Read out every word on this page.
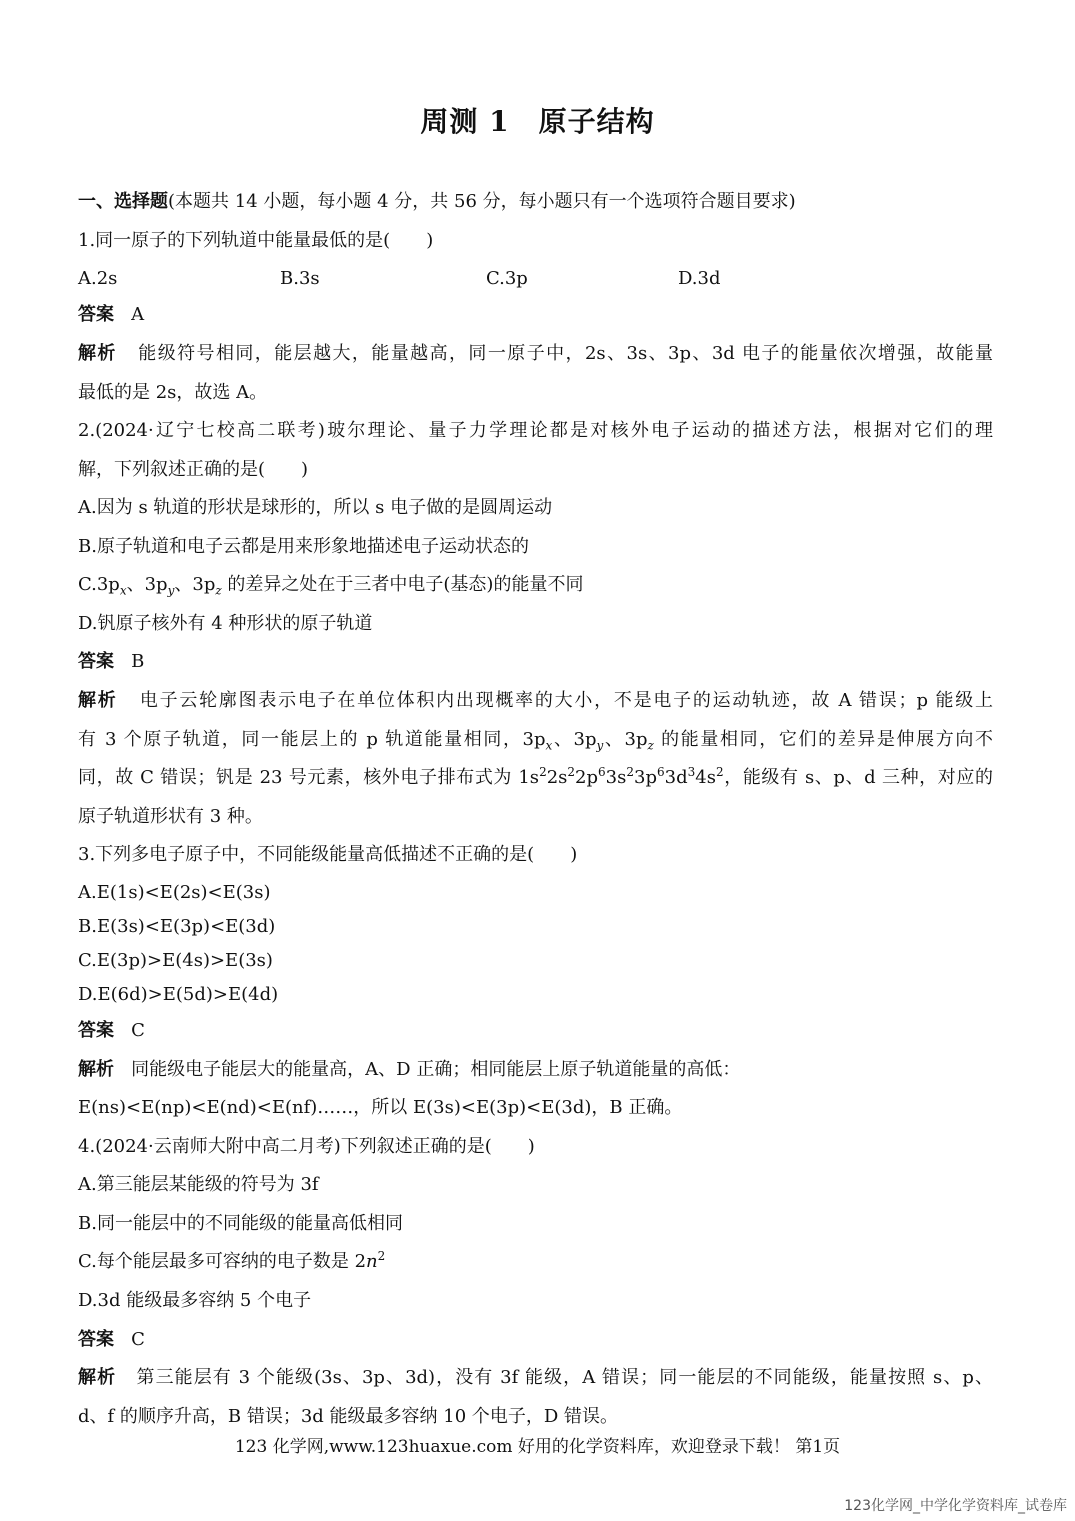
周测 1　原子结构
一、选择题(本题共 14 小题，每小题 4 分，共 56 分，每小题只有一个选项符合题目要求)
1.同一原子的下列轨道中能量最低的是(　　)
A.2s	B.3s	C.3p	D.3d
答案 A
解析 能级符号相同，能层越大，能量越高，同一原子中，2s、3s、3p、3d 电子的能量依次增强，故能量
最低的是 2s，故选 A。
2.(2024·辽宁七校高二联考)玻尔理论、量子力学理论都是对核外电子运动的描述方法，根据对它们的理
解，下列叙述正确的是(　　)
A.因为 s 轨道的形状是球形的，所以 s 电子做的是圆周运动
B.原子轨道和电子云都是用来形象地描述电子运动状态的
$C.3p_x$、$3p_y$、$3p_z$ 的差异之处在于三者中电子(基态)的能量不同
D.钒原子核外有 4 种形状的原子轨道
答案 B
解析 电子云轮廓图表示电子在单位体积内出现概率的大小，不是电子的运动轨迹，故 A 错误；p 能级上
有 3 个原子轨道，同一能层上的 p 轨道能量相同，$3p_x$、$3p_y$、$3p_z$ 的能量相同，它们的差异是伸展方向不
同，故 C 错误；钒是 23 号元素，核外电子排布式为 $1s^22s^22p^63s^23p^63d^34s^2$，能级有 s、p、d 三种，对应的
原子轨道形状有 3 种。
3.下列多电子原子中，不同能级能量高低描述不正确的是(　　)
A.E(1s)<E(2s)<E(3s)
B.E(3s)<E(3p)<E(3d)
C.E(3p)>E(4s)>E(3s)
D.E(6d)>E(5d)>E(4d)
答案 C
解析 同能级电子能层大的能量高，A、D 正确；相同能层上原子轨道能量的高低：
E(ns)<E(np)<E(nd)<E(nf)……，所以 E(3s)<E(3p)<E(3d)，B 正确。
4.(2024·云南师大附中高二月考)下列叙述正确的是(　　)
A.第三能层某能级的符号为 3f
B.同一能层中的不同能级的能量高低相同
C.每个能层最多可容纳的电子数是 $2n^2$
D.3d 能级最多容纳 5 个电子
答案 C
解析 第三能层有 3 个能级(3s、3p、3d)，没有 3f 能级，A 错误；同一能层的不同能级，能量按照 s、p、
d、f 的顺序升高，B 错误；3d 能级最多容纳 10 个电子，D 错误。
123 化学网,www.123huaxue.com 好用的化学资料库，欢迎登录下载！ 第1页
123化学网_中学化学资料库_试卷库
